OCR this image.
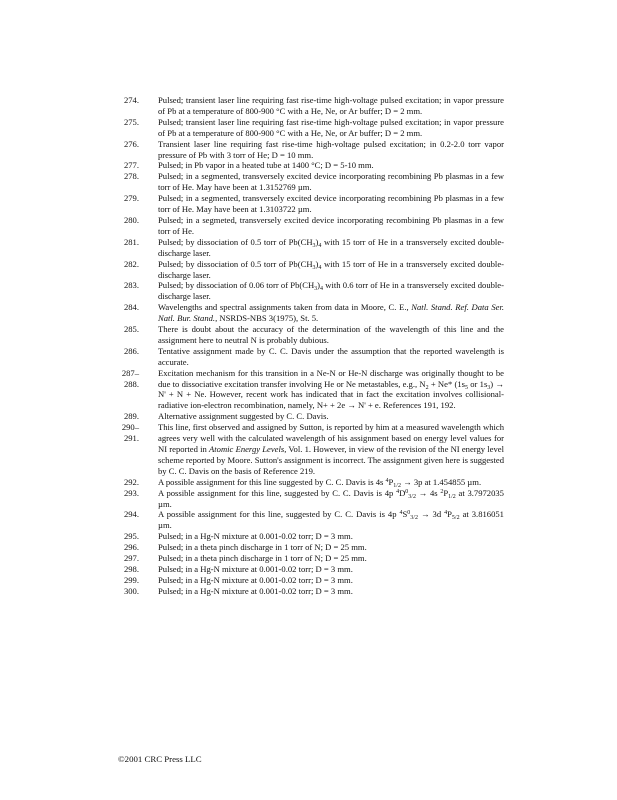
274. Pulsed; transient laser line requiring fast rise-time high-voltage pulsed excitation; in vapor pressure of Pb at a temperature of 800-900 °C with a He, Ne, or Ar buffer; D = 2 mm.
275. Pulsed; transient laser line requiring fast rise-time high-voltage pulsed excitation; in vapor pressure of Pb at a temperature of 800-900 °C with a He, Ne, or Ar buffer; D = 2 mm.
276. Transient laser line requiring fast rise-time high-voltage pulsed excitation; in 0.2-2.0 torr vapor pressure of Pb with 3 torr of He; D = 10 mm.
277. Pulsed; in Pb vapor in a heated tube at 1400 °C; D = 5-10 mm.
278. Pulsed; in a segmented, transversely excited device incorporating recombining Pb plasmas in a few torr of He. May have been at 1.3152769 µm.
279. Pulsed; in a segmented, transversely excited device incorporating recombining Pb plasmas in a few torr of He. May have been at 1.3103722 µm.
280. Pulsed; in a segmeted, transversely excited device incorporating recombining Pb plasmas in a few torr of He.
281. Pulsed; by dissociation of 0.5 torr of $Pb(CH_3)_4$ with 15 torr of He in a transversely excited double-discharge laser.
282. Pulsed; by dissociation of 0.5 torr of $Pb(CH_3)_4$ with 15 torr of He in a transversely excited double-discharge laser.
283. Pulsed; by dissociation of 0.06 torr of $Pb(CH_3)_4$ with 0.6 torr of He in a transversely excited double-discharge laser.
284. Wavelengths and spectral assignments taken from data in Moore, C. E., Natl. Stand. Ref. Data Ser. Natl. Bur. Stand., NSRDS-NBS 3(1975), St. 5.
285. There is doubt about the accuracy of the determination of the wavelength of this line and the assignment here to neutral N is probably dubious.
286. Tentative assignment made by C. C. Davis under the assumption that the reported wavelength is accurate.
287–
288.
Excitation mechanism for this transition in a Ne-N or He-N discharge was originally thought to be due to dissociative excitation transfer involving He or Ne metastables, e.g., $N_2 + Ne*$ ($1s_5$ or $1s_3) \to N' + N + Ne$. However, recent work has indicated that in fact the excitation involves collisional-radiative ion-electron recombination, namely, N+ + 2e → N' + e. References 191, 192.
289. Alternative assignment suggested by C. C. Davis.
290–
291.
This line, first observed and assigned by Sutton, is reported by him at a measured wavelength which agrees very well with the calculated wavelength of his assignment based on energy level values for NI reported in Atomic Energy Levels, Vol. 1. However, in view of the revision of the NI energy level scheme reported by Moore. Sutton's assignment is incorrect. The assignment given here is suggested by C. C. Davis on the basis of Reference 219.
292. A possible assignment for this line suggested by C. C. Davis is 4s $^4P_{1/2} \to 3p$ at 1.454855 µm.
293. A possible assignment for this line, suggested by C. C. Davis is 4p $^4D^0_{3/2} \to 4s$ $^2P_{1/2}$ at 3.7972035 µm.
294. A possible assignment for this line, suggested by C. C. Davis is 4p $^4S^0_{3/2} \to 3d$ $^4P_{5/2}$ at 3.816051 µm.
295. Pulsed; in a Hg-N mixture at 0.001-0.02 torr; D = 3 mm.
296. Pulsed; in a theta pinch discharge in 1 torr of N; D = 25 mm.
297. Pulsed; in a theta pinch discharge in 1 torr of N; D = 25 mm.
298. Pulsed; in a Hg-N mixture at 0.001-0.02 torr; D = 3 mm.
299. Pulsed; in a Hg-N mixture at 0.001-0.02 torr; D = 3 mm.
300. Pulsed; in a Hg-N mixture at 0.001-0.02 torr; D = 3 mm.
©2001 CRC Press LLC
